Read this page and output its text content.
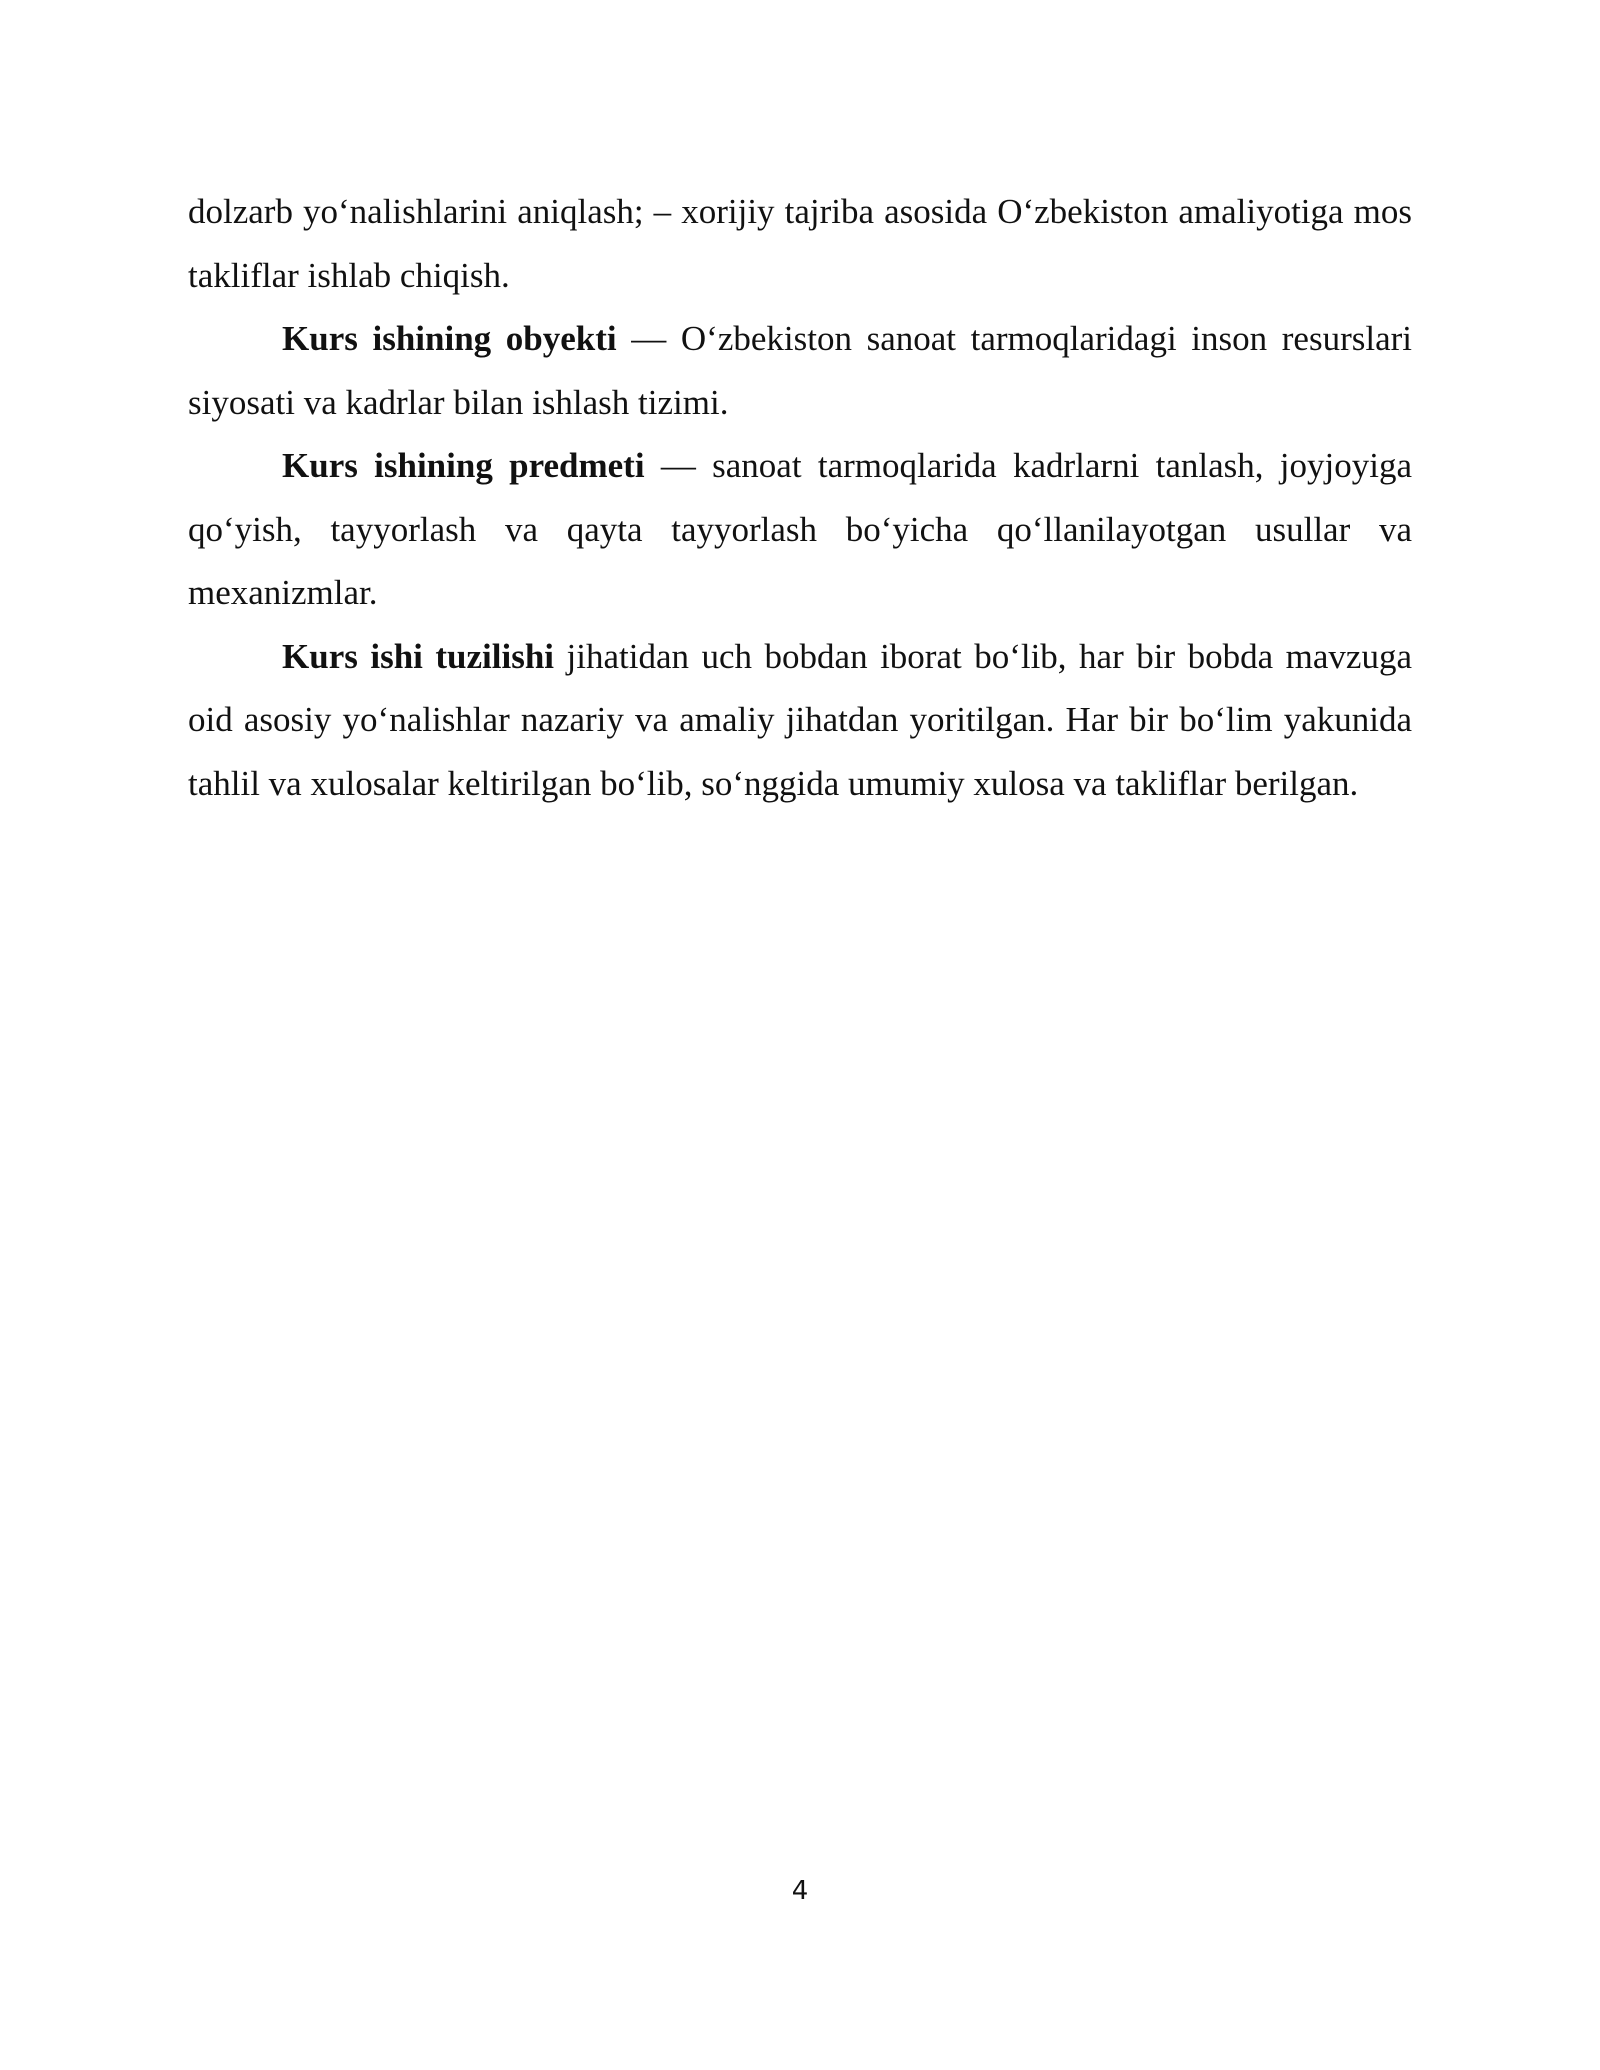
dolzarb yo‘nalishlarini aniqlash; – xorijiy tajriba asosida O‘zbekiston amaliyotiga mos takliflar ishlab chiqish.

Kurs ishining obyekti — O‘zbekiston sanoat tarmoqlaridagi inson resurslari siyosati va kadrlar bilan ishlash tizimi.

Kurs ishining predmeti — sanoat tarmoqlarida kadrlarni tanlash, joyjoyiga qo‘yish, tayyorlash va qayta tayyorlash bo‘yicha qo‘llanilayotgan usullar va mexanizmlar.

Kurs ishi tuzilishi jihatidan uch bobdan iborat bo‘lib, har bir bobda mavzuga oid asosiy yo‘nalishlar nazariy va amaliy jihatdan yoritilgan. Har bir bo‘lim yakunida tahlil va xulosalar keltirilgan bo‘lib, so‘nggida umumiy xulosa va takliflar berilgan.

4
